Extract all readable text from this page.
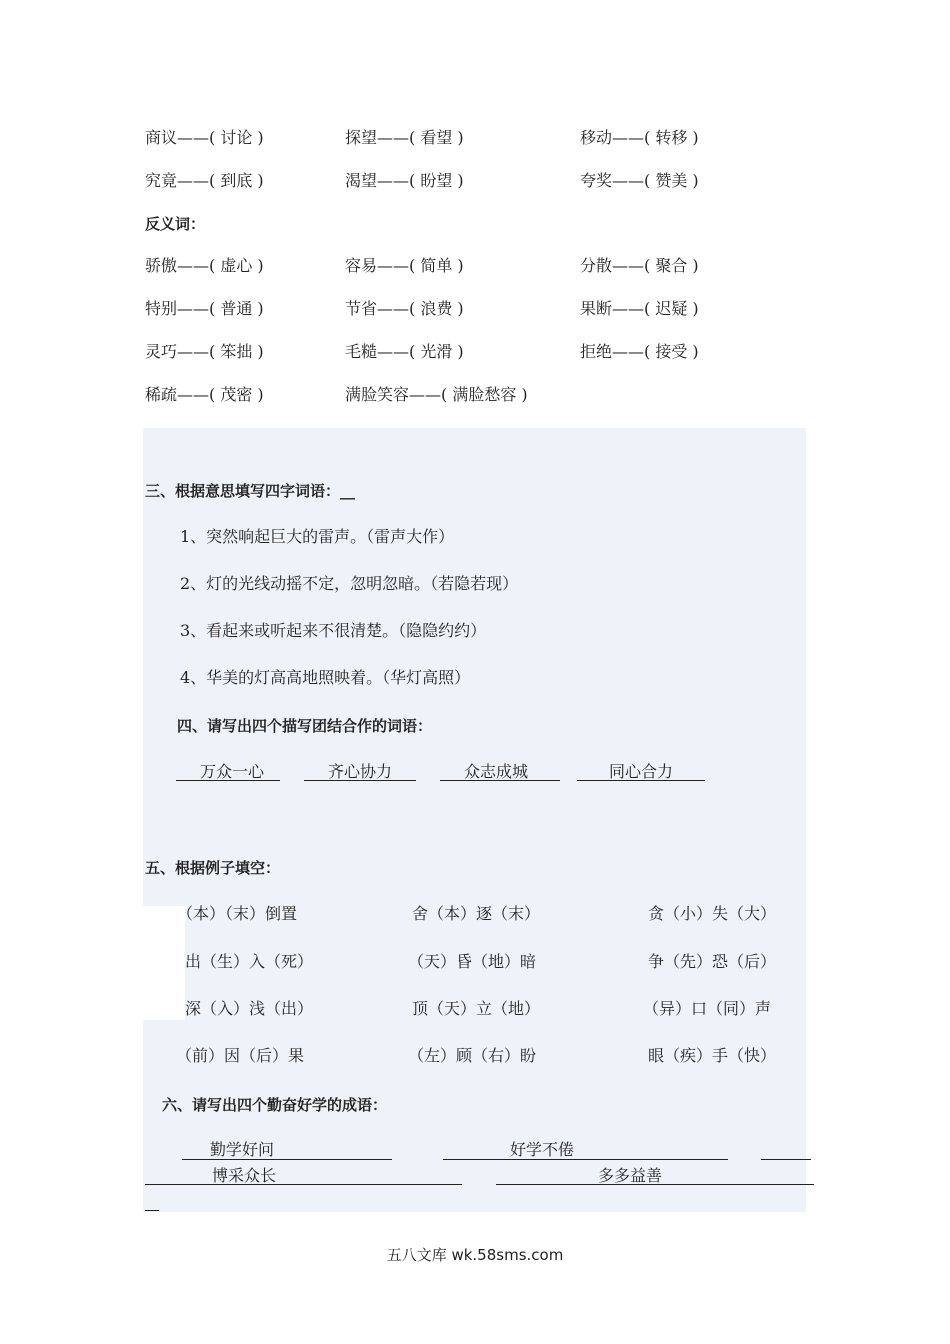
商议——( 讨论 )	探望——( 看望 )	移动——( 转移 )
究竟——( 到底 )	渴望——( 盼望 )	夸奖——( 赞美 )
反义词：
骄傲——( 虚心 )	容易——( 简单 )	分散——( 聚合 )
特别——( 普通 )	节省——( 浪费 )	果断——( 迟疑 )
灵巧——( 笨拙 )	毛糙——( 光滑 )	拒绝——( 接受 )
稀疏——( 茂密 )	满脸笑容——( 满脸愁容 )
三、根据意思填写四字词语：__
1、突然响起巨大的雷声。（雷声大作）
2、灯的光线动摇不定，忽明忽暗。（若隐若现）
3、看起来或听起来不很清楚。（隐隐约约）
4、华美的灯高高地照映着。（华灯高照）
四、请写出四个描写团结合作的词语：
___万众一心__ ___齐心协力___ ___众志成城____ ____同心合力____
五、根据例子填空：
（本）（末）倒置	舍（本）逐（末）	贪（小）失（大）
出（生）入（死）	（天）昏（地）暗	争（先）恐（后）
深（入）浅（出）	顶（天）立（地）	（异）口（同）声
（前）因（后）果	（左）顾（右）盼	眼（疾）手（快）
六、请写出四个勤奋好学的成语：
勤学好问	好学不倦
博采众长	多多益善
五八文库 wk.58sms.com
